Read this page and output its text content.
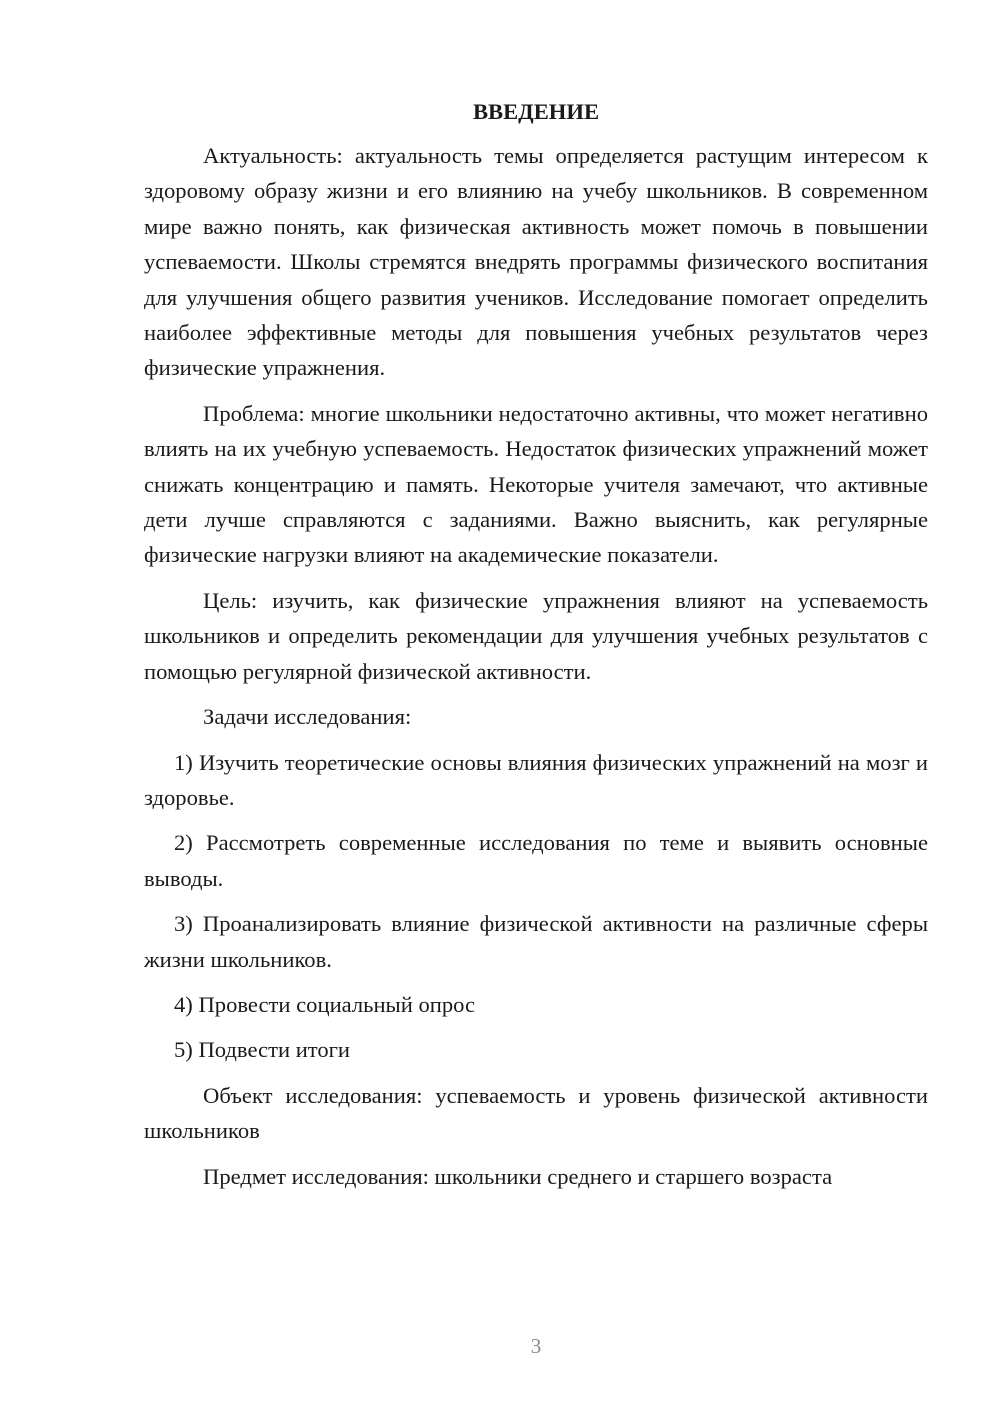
ВВЕДЕНИЕ

Актуальность: актуальность темы определяется растущим интересом к здоровому образу жизни и его влиянию на учебу школьников. В современном мире важно понять, как физическая активность может помочь в повышении успеваемости. Школы стремятся внедрять программы физического воспитания для улучшения общего развития учеников. Исследование помогает определить наиболее эффективные методы для повышения учебных результатов через физические упражнения.

Проблема: многие школьники недостаточно активны, что может негативно влиять на их учебную успеваемость. Недостаток физических упражнений может снижать концентрацию и память. Некоторые учителя замечают, что активные дети лучше справляются с заданиями. Важно выяснить, как регулярные физические нагрузки влияют на академические показатели.

Цель: изучить, как физические упражнения влияют на успеваемость школьников и определить рекомендации для улучшения учебных результатов с помощью регулярной физической активности.

Задачи исследования:

1) Изучить теоретические основы влияния физических упражнений на мозг и здоровье.

2) Рассмотреть современные исследования по теме и выявить основные выводы.

3) Проанализировать влияние физической активности на различные сферы жизни школьников.

4) Провести социальный опрос

5) Подвести итоги

Объект исследования: успеваемость и уровень физической активности школьников

Предмет исследования: школьники среднего и старшего возраста

3
